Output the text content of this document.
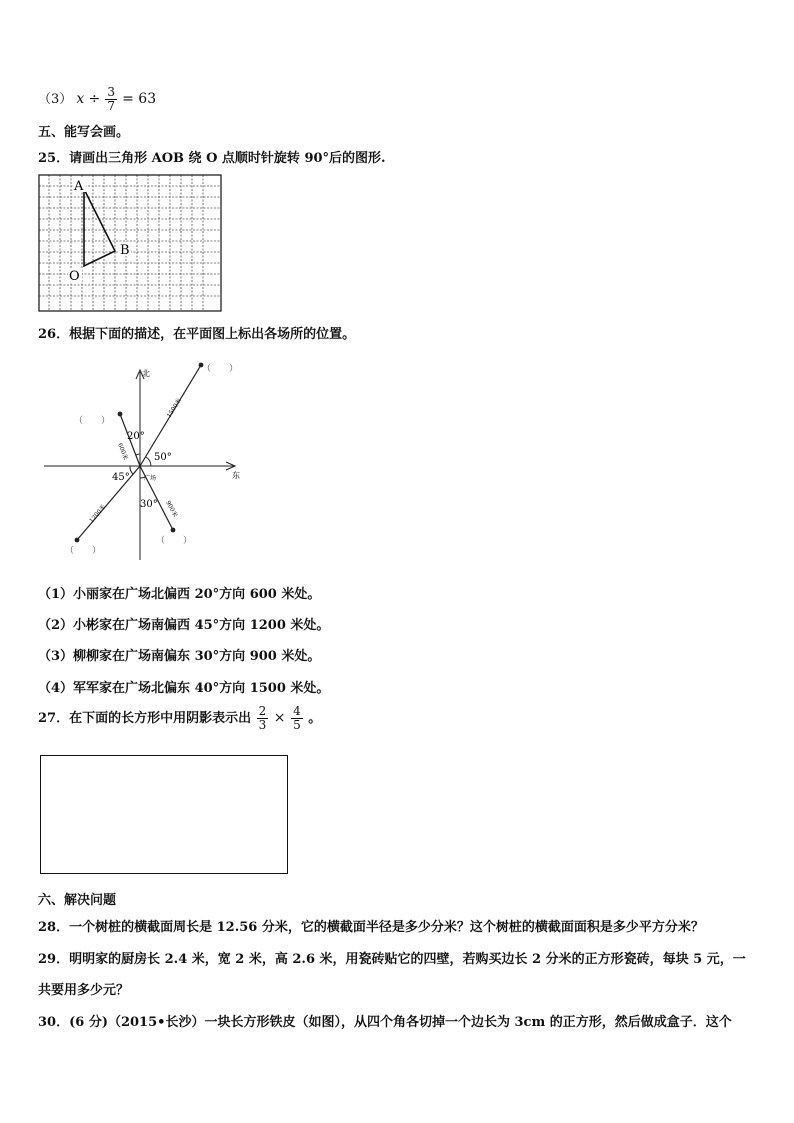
（3） $x \div \frac{3}{7} = 63$
五、能写会画。
25．请画出三角形 AOB 绕 O 点顺时针旋转 90°后的图形.
A
B
O
26．根据下面的描述，在平面图上标出各场所的位置。
北
东
广场
20°
50°
45°
30°
1500米
600米
1200米	900米
（　　）
（　　）
（　　）
（　　）
（1）小丽家在广场北偏西 20°方向 600 米处。
（2）小彬家在广场南偏西 45°方向 1200 米处。
（3）柳柳家在广场南偏东 30°方向 900 米处。
（4）军军家在广场北偏东 40°方向 1500 米处。
27．在下面的长方形中用阴影表示出 $\frac{2}{3} \times \frac{4}{5}$ 。
六、解决问题
28．一个树桩的横截面周长是 12.56 分米，它的横截面半径是多少分米？这个树桩的横截面面积是多少平方分米？
29．明明家的厨房长 2.4 米，宽 2 米，高 2.6 米，用瓷砖贴它的四壁，若购买边长 2 分米的正方形瓷砖，每块 5 元，一
共要用多少元？
30．(6 分)（2015•长沙）一块长方形铁皮（如图），从四个角各切掉一个边长为 3cm 的正方形，然后做成盒子．这个
